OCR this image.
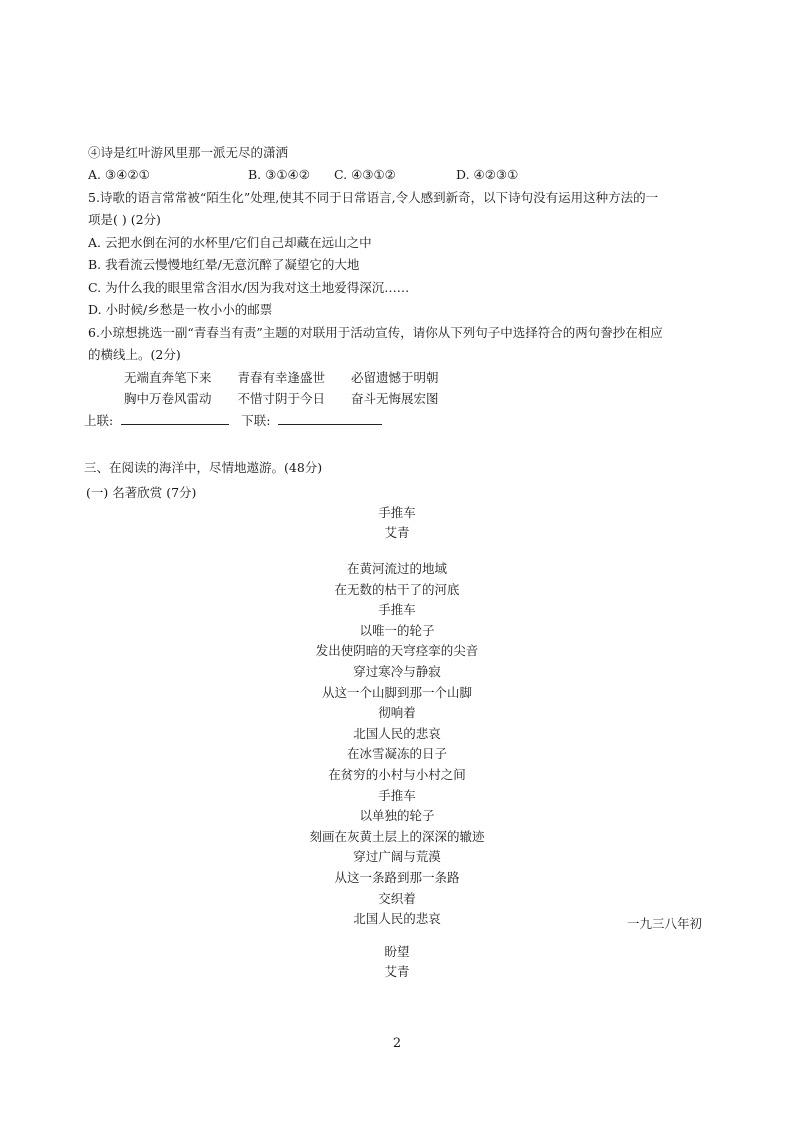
④诗是红叶游风里那一派无尽的潇洒
A. ③④②①	B. ③①④② C. ④③①②	D. ④②③①
5.诗歌的语言常常被“陌生化”处理,使其不同于日常语言,令人感到新奇，以下诗句没有运用这种方法的一
项是( ) (2分)
A. 云把水倒在河的水杯里/它们自己却藏在远山之中
B. 我看流云慢慢地红晕/无意沉醉了凝望它的大地
C. 为什么我的眼里常含泪水/因为我对这土地爱得深沉……
D. 小时候/乡愁是一枚小小的邮票
6.小琼想挑选一副“青春当有责”主题的对联用于活动宣传，请你从下列句子中选择符合的两句誊抄在相应
的横线上。(2分)
无端直奔笔下来 青春有幸逢盛世 必留遗憾于明朝
胸中万卷风雷动 不惜寸阴于今日 奋斗无悔展宏图
上联:	下联:
三、在阅读的海洋中，尽情地遨游。(48分)
(一) 名著欣赏 (7分)
手推车
艾青
在黄河流过的地域
在无数的枯干了的河底
手推车
以唯一的轮子
发出使阴暗的天穹痉挛的尖音
穿过寒冷与静寂
从这一个山脚到那一个山脚
彻响着
北国人民的悲哀
在冰雪凝冻的日子
在贫穷的小村与小村之间
手推车
以单独的轮子
刻画在灰黄土层上的深深的辙迹
穿过广阔与荒漠
从这一条路到那一条路
交织着
北国人民的悲哀	一九三八年初
盼望
艾青
2
